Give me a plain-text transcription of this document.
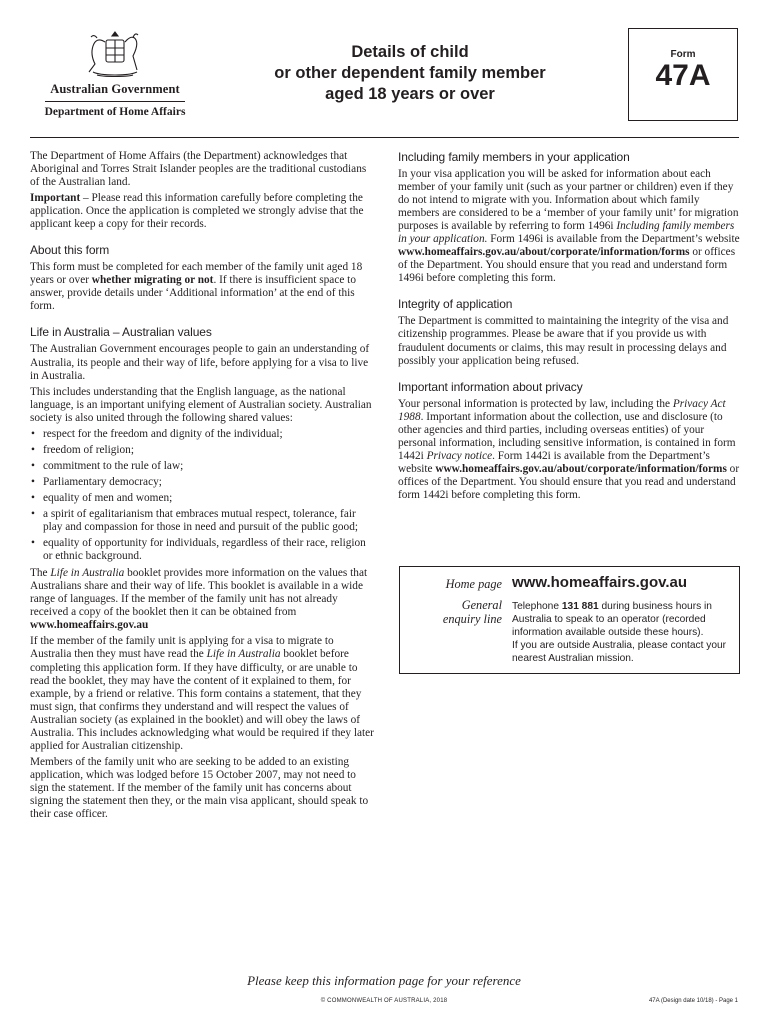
Australian Government
Department of Home Affairs
Details of child
or other dependent family member
aged 18 years or over
Form
47A

The Department of Home Affairs (the Department) acknowledges that Aboriginal and Torres Strait Islander peoples are the traditional custodians of the Australian land.

Important – Please read this information carefully before completing the application. Once the application is completed we strongly advise that the applicant keep a copy for their records.

About this form

This form must be completed for each member of the family unit aged 18 years or over whether migrating or not. If there is insufficient space to answer, provide details under ‘Additional information’ at the end of this form.

Life in Australia – Australian values

The Australian Government encourages people to gain an understanding of Australia, its people and their way of life, before applying for a visa to live in Australia.

This includes understanding that the English language, as the national language, is an important unifying element of Australian society. Australian society is also united through the following shared values:

• respect for the freedom and dignity of the individual;
• freedom of religion;
• commitment to the rule of law;
• Parliamentary democracy;
• equality of men and women;
• a spirit of egalitarianism that embraces mutual respect, tolerance, fair play and compassion for those in need and pursuit of the public good;
• equality of opportunity for individuals, regardless of their race, religion or ethnic background.

The Life in Australia booklet provides more information on the values that Australians share and their way of life. This booklet is available in a wide range of languages. If the member of the family unit has not already received a copy of the booklet then it can be obtained from www.homeaffairs.gov.au

If the member of the family unit is applying for a visa to migrate to Australia then they must have read the Life in Australia booklet before completing this application form. If they have difficulty, or are unable to read the booklet, they may have the content of it explained to them, for example, by a friend or relative. This form contains a statement, that they must sign, that confirms they understand and will respect the values of Australian society (as explained in the booklet) and will obey the laws of Australia. This includes acknowledging what would be required if they later applied for Australian citizenship.

Members of the family unit who are seeking to be added to an existing application, which was lodged before 15 October 2007, may not need to sign the statement. If the member of the family unit has concerns about signing the statement then they, or the main visa applicant, should speak to their case officer.

Including family members in your application

In your visa application you will be asked for information about each member of your family unit (such as your partner or children) even if they do not intend to migrate with you. Information about which family members are considered to be a ‘member of your family unit’ for migration purposes is available by referring to form 1496i Including family members in your application. Form 1496i is available from the Department’s website www.homeaffairs.gov.au/about/corporate/information/forms or offices of the Department. You should ensure that you read and understand form 1496i before completing this form.

Integrity of application

The Department is committed to maintaining the integrity of the visa and citizenship programmes. Please be aware that if you provide us with fraudulent documents or claims, this may result in processing delays and possibly your application being refused.

Important information about privacy

Your personal information is protected by law, including the Privacy Act 1988. Important information about the collection, use and disclosure (to other agencies and third parties, including overseas entities) of your personal information, including sensitive information, is contained in form 1442i Privacy notice. Form 1442i is available from the Department’s website www.homeaffairs.gov.au/about/corporate/information/forms or offices of the Department. You should ensure that you read and understand form 1442i before completing this form.

Home page www.homeaffairs.gov.au
General
enquiry line
Telephone 131 881 during business hours in Australia to speak to an operator (recorded information available outside these hours).
If you are outside Australia, please contact your nearest Australian mission.
Please keep this information page for your reference
© COMMONWEALTH OF AUSTRALIA, 2018	47A (Design date 10/18) - Page 1
